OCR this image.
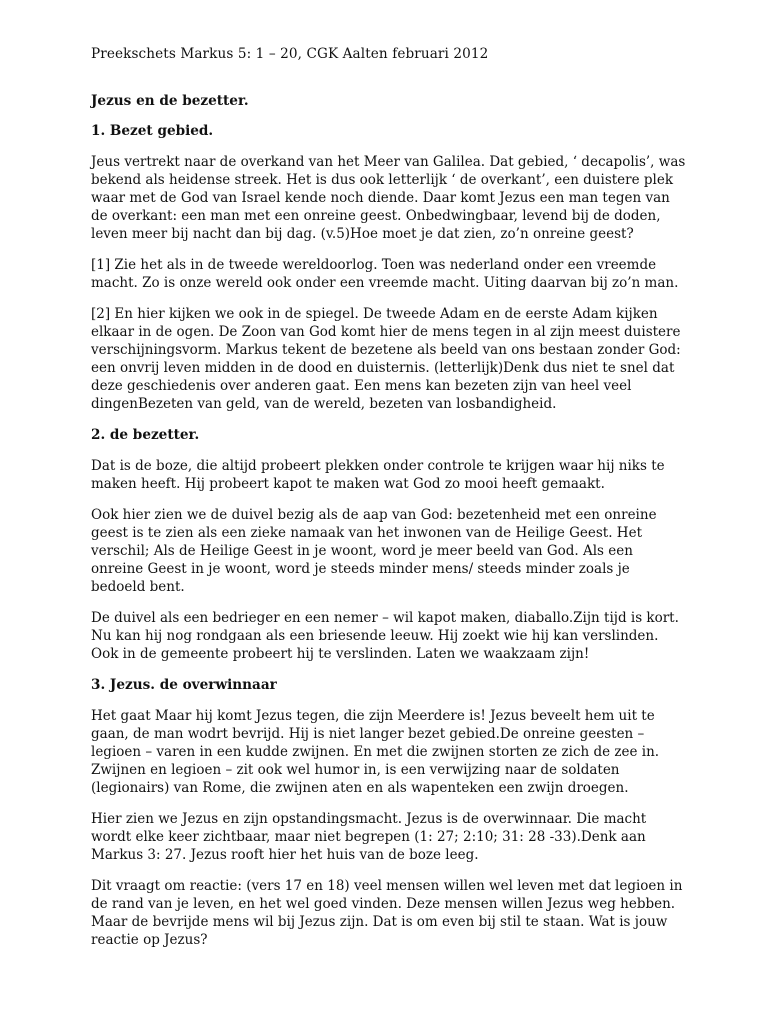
Preekschets Markus 5: 1 – 20, CGK Aalten februari 2012
Jezus en de bezetter.
1. Bezet gebied.

Jeus vertrekt naar de overkand van het Meer van Galilea. Dat gebied, ‘ decapolis’, was bekend als heidense streek. Het is dus ook letterlijk ‘ de overkant’, een duistere plek waar met de God van Israel kende noch diende. Daar komt Jezus een man tegen van de overkant: een man met een onreine geest. Onbedwingbaar, levend bij de doden, leven meer bij nacht dan bij dag. (v.5)Hoe moet je dat zien, zo’n onreine geest?

[1] Zie het als in de tweede wereldoorlog. Toen was nederland onder een vreemde macht. Zo is onze wereld ook onder een vreemde macht. Uiting daarvan bij zo’n man.

[2] En hier kijken we ook in de spiegel. De tweede Adam en de eerste Adam kijken elkaar in de ogen. De Zoon van God komt hier de mens tegen in al zijn meest duistere verschijningsvorm. Markus tekent de bezetene als beeld van ons bestaan zonder God: een onvrij leven midden in de dood en duisternis. (letterlijk)Denk dus niet te snel dat deze geschiedenis over anderen gaat. Een mens kan bezeten zijn van heel veel dingenBezeten van geld, van de wereld, bezeten van losbandigheid.

2. de bezetter.

Dat is de boze, die altijd probeert plekken onder controle te krijgen waar hij niks te maken heeft. Hij probeert kapot te maken wat God zo mooi heeft gemaakt.

Ook hier zien we de duivel bezig als de aap van God: bezetenheid met een onreine geest is te zien als een zieke namaak van het inwonen van de Heilige Geest. Het verschil; Als de Heilige Geest in je woont, word je meer beeld van God. Als een onreine Geest in je woont, word je steeds minder mens/ steeds minder zoals je bedoeld bent.

De duivel als een bedrieger en een nemer – wil kapot maken, diaballo.Zijn tijd is kort. Nu kan hij nog rondgaan als een briesende leeuw. Hij zoekt wie hij kan verslinden. Ook in de gemeente probeert hij te verslinden. Laten we waakzaam zijn!

3. Jezus. de overwinnaar

Het gaat Maar hij komt Jezus tegen, die zijn Meerdere is! Jezus beveelt hem uit te gaan, de man wodrt bevrijd. Hij is niet langer bezet gebied.De onreine geesten – legioen – varen in een kudde zwijnen. En met die zwijnen storten ze zich de zee in. Zwijnen en legioen – zit ook wel humor in, is een verwijzing naar de soldaten (legionairs) van Rome, die zwijnen aten en als wapenteken een zwijn droegen.

Hier zien we Jezus en zijn opstandingsmacht. Jezus is de overwinnaar. Die macht wordt elke keer zichtbaar, maar niet begrepen (1: 27; 2:10; 31: 28 -33).Denk aan Markus 3: 27. Jezus rooft hier het huis van de boze leeg.

Dit vraagt om reactie: (vers 17 en 18) veel mensen willen wel leven met dat legioen in de rand van je leven, en het wel goed vinden. Deze mensen willen Jezus weg hebben. Maar de bevrijde mens wil bij Jezus zijn. Dat is om even bij stil te staan. Wat is jouw reactie op Jezus?
